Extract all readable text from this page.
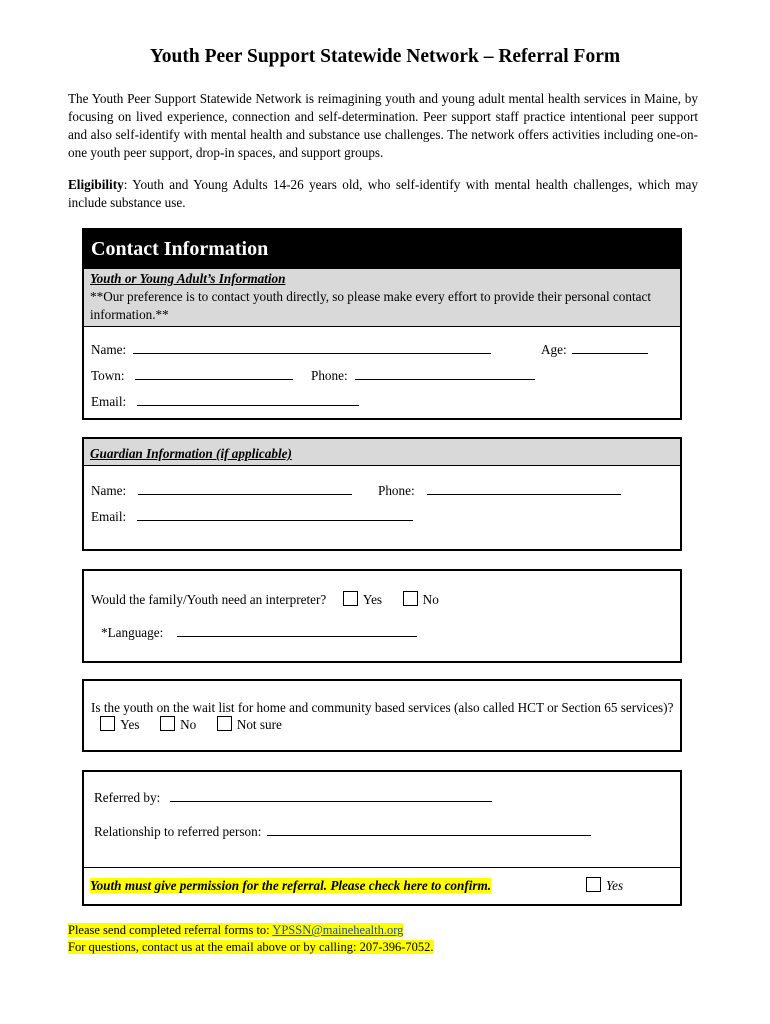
Youth Peer Support Statewide Network – Referral Form
The Youth Peer Support Statewide Network is reimagining youth and young adult mental health services in Maine, by focusing on lived experience, connection and self-determination. Peer support staff practice intentional peer support and also self-identify with mental health and substance use challenges. The network offers activities including one-on-one youth peer support, drop-in spaces, and support groups.
Eligibility: Youth and Young Adults 14-26 years old, who self-identify with mental health challenges, which may include substance use.
Contact Information
Youth or Young Adult’s Information
**Our preference is to contact youth directly, so please make every effort to provide their personal contact information.**
Name:	Age:
Town:	Phone:
Email:
Guardian Information (if applicable)
Name:	Phone:
Email:
Would the family/Youth need an interpreter?	Yes	No
*Language:
Is the youth on the wait list for home and community based services (also called HCT or Section 65 services)?  Yes	No	Not sure
Referred by:
Relationship to referred person:
Youth must give permission for the referral. Please check here to confirm.	Yes
Please send completed referral forms to: YPSSN@mainehealth.org
For questions, contact us at the email above or by calling: 207-396-7052.
